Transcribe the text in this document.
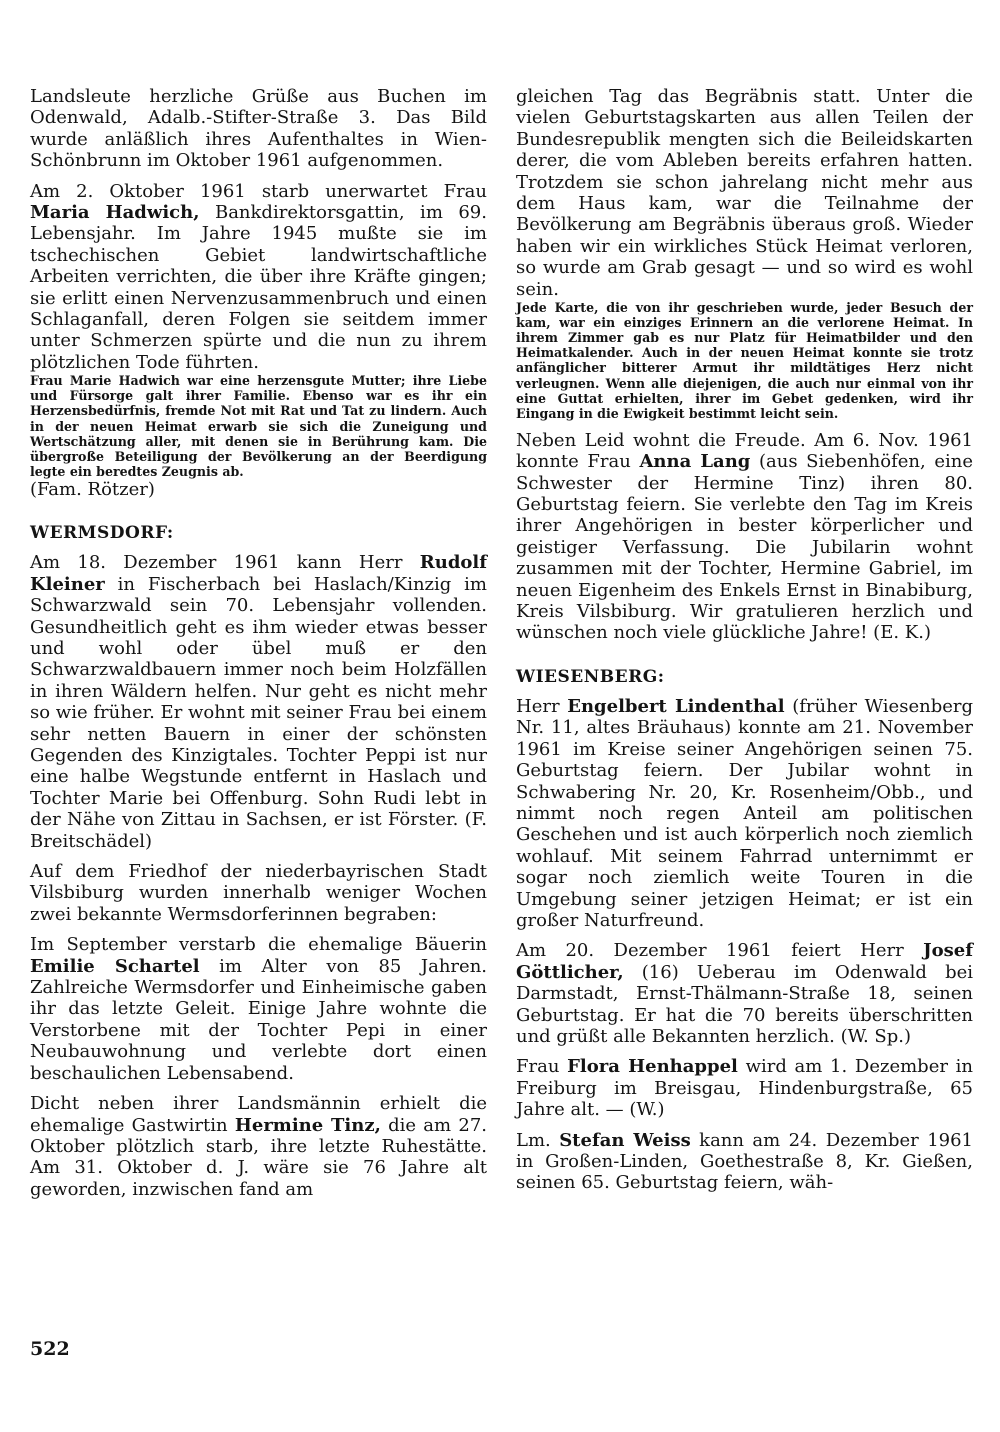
Landsleute herzliche Grüße aus Buchen im Odenwald, Adalb.-Stifter-Straße 3. Das Bild wurde anläßlich ihres Aufenthaltes in Wien-Schönbrunn im Oktober 1961 aufgenommen.

Am 2. Oktober 1961 starb unerwartet Frau Maria Hadwich, Bankdirektorsgattin, im 69. Lebensjahr. Im Jahre 1945 mußte sie im tschechischen Gebiet landwirtschaftliche Arbeiten verrichten, die über ihre Kräfte gingen; sie erlitt einen Nervenzusammenbruch und einen Schlaganfall, deren Folgen sie seitdem immer unter Schmerzen spürte und die nun zu ihrem plötzlichen Tode führten.

Frau Marie Hadwich war eine herzensgute Mutter; ihre Liebe und Fürsorge galt ihrer Familie. Ebenso war es ihr ein Herzensbedürfnis, fremde Not mit Rat und Tat zu lindern. Auch in der neuen Heimat erwarb sie sich die Zuneigung und Wertschätzung aller, mit denen sie in Berührung kam. Die übergroße Beteiligung der Bevölkerung an der Beerdigung legte ein beredtes Zeugnis ab.

(Fam. Rötzer)

WERMSDORF:

Am 18. Dezember 1961 kann Herr Rudolf Kleiner in Fischerbach bei Haslach/Kinzig im Schwarzwald sein 70. Lebensjahr vollenden. Gesundheitlich geht es ihm wieder etwas besser und wohl oder übel muß er den Schwarzwaldbauern immer noch beim Holzfällen in ihren Wäldern helfen. Nur geht es nicht mehr so wie früher. Er wohnt mit seiner Frau bei einem sehr netten Bauern in einer der schönsten Gegenden des Kinzigtales. Tochter Peppi ist nur eine halbe Wegstunde entfernt in Haslach und Tochter Marie bei Offenburg. Sohn Rudi lebt in der Nähe von Zittau in Sachsen, er ist Förster. (F. Breitschädel)

Auf dem Friedhof der niederbayrischen Stadt Vilsbiburg wurden innerhalb weniger Wochen zwei bekannte Wermsdorferinnen begraben:

Im September verstarb die ehemalige Bäuerin Emilie Schartel im Alter von 85 Jahren. Zahlreiche Wermsdorfer und Einheimische gaben ihr das letzte Geleit. Einige Jahre wohnte die Verstorbene mit der Tochter Pepi in einer Neubauwohnung und verlebte dort einen beschaulichen Lebensabend.

Dicht neben ihrer Landsmännin erhielt die ehemalige Gastwirtin Hermine Tinz, die am 27. Oktober plötzlich starb, ihre letzte Ruhestätte. Am 31. Oktober d. J. wäre sie 76 Jahre alt geworden, inzwischen fand am

gleichen Tag das Begräbnis statt. Unter die vielen Geburtstagskarten aus allen Teilen der Bundesrepublik mengten sich die Beileidskarten derer, die vom Ableben bereits erfahren hatten. Trotzdem sie schon jahrelang nicht mehr aus dem Haus kam, war die Teilnahme der Bevölkerung am Begräbnis überaus groß. Wieder haben wir ein wirkliches Stück Heimat verloren, so wurde am Grab gesagt — und so wird es wohl sein.

Jede Karte, die von ihr geschrieben wurde, jeder Besuch der kam, war ein einziges Erinnern an die verlorene Heimat. In ihrem Zimmer gab es nur Platz für Heimatbilder und den Heimatkalender. Auch in der neuen Heimat konnte sie trotz anfänglicher bitterer Armut ihr mildtätiges Herz nicht verleugnen. Wenn alle diejenigen, die auch nur einmal von ihr eine Guttat erhielten, ihrer im Gebet gedenken, wird ihr Eingang in die Ewigkeit bestimmt leicht sein.

Neben Leid wohnt die Freude. Am 6. Nov. 1961 konnte Frau Anna Lang (aus Siebenhöfen, eine Schwester der Hermine Tinz) ihren 80. Geburtstag feiern. Sie verlebte den Tag im Kreis ihrer Angehörigen in bester körperlicher und geistiger Verfassung. Die Jubilarin wohnt zusammen mit der Tochter, Hermine Gabriel, im neuen Eigenheim des Enkels Ernst in Binabiburg, Kreis Vilsbiburg. Wir gratulieren herzlich und wünschen noch viele glückliche Jahre! (E. K.)

WIESENBERG:

Herr Engelbert Lindenthal (früher Wiesenberg Nr. 11, altes Bräuhaus) konnte am 21. November 1961 im Kreise seiner Angehörigen seinen 75. Geburtstag feiern. Der Jubilar wohnt in Schwabering Nr. 20, Kr. Rosenheim/Obb., und nimmt noch regen Anteil am politischen Geschehen und ist auch körperlich noch ziemlich wohlauf. Mit seinem Fahrrad unternimmt er sogar noch ziemlich weite Touren in die Umgebung seiner jetzigen Heimat; er ist ein großer Naturfreund.

Am 20. Dezember 1961 feiert Herr Josef Göttlicher, (16) Ueberau im Odenwald bei Darmstadt, Ernst-Thälmann-Straße 18, seinen Geburtstag. Er hat die 70 bereits überschritten und grüßt alle Bekannten herzlich. (W. Sp.)

Frau Flora Henhappel wird am 1. Dezember in Freiburg im Breisgau, Hindenburgstraße, 65 Jahre alt. — (W.)

Lm. Stefan Weiss kann am 24. Dezember 1961 in Großen-Linden, Goethestraße 8, Kr. Gießen, seinen 65. Geburtstag feiern, wäh-

522
